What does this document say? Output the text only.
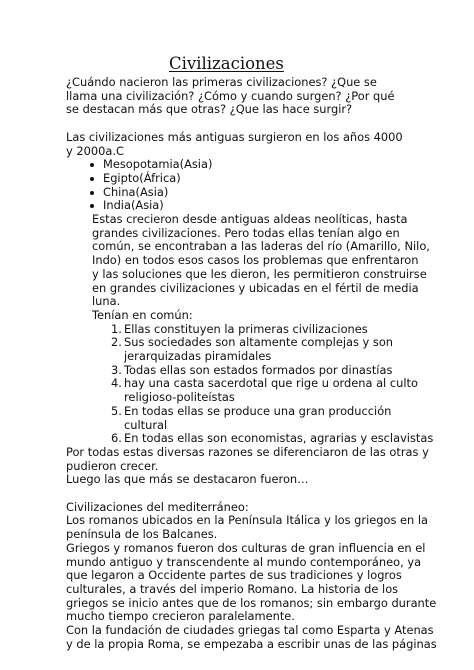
Civilizaciones

¿Cuándo nacieron las primeras civilizaciones? ¿Que se
llama una civilización? ¿Cómo y cuando surgen? ¿Por qué
se destacan más que otras? ¿Que las hace surgir?

Las civilizaciones más antiguas surgieron en los años 4000
y 2000a.C

Mesopotamia(Asia)
Egipto(África)
China(Asia)
India(Asia)

Estas crecieron desde antiguas aldeas neolíticas, hasta
grandes civilizaciones. Pero todas ellas tenían algo en
común, se encontraban a las laderas del río (Amarillo, Nilo,
Indo) en todos esos casos los problemas que enfrentaron
y las soluciones que les dieron, les permitieron construirse
en grandes civilizaciones y ubicadas en el fértil de media
luna.

Tenían en común:

1. Ellas constituyen la primeras civilizaciones
2. Sus sociedades son altamente complejas y son
jerarquizadas piramidales
3. Todas ellas son estados formados por dinastías
4. hay una casta sacerdotal que rige u ordena al culto
religioso-politeístas
5. En todas ellas se produce una gran producción
cultural
6. En todas ellas son economistas, agrarias y esclavistas

Por todas estas diversas razones se diferenciaron de las otras y
pudieron crecer.
Luego las que más se destacaron fueron…

Civilizaciones del mediterráneo:

Los romanos ubicados en la Península Itálica y los griegos en la
península de los Balcanes.
Griegos y romanos fueron dos culturas de gran influencia en el
mundo antiguo y transcendente al mundo contemporáneo, ya
que legaron a Occidente partes de sus tradiciones y logros
culturales, a través del imperio Romano. La historia de los
griegos se inicio antes que de los romanos; sin embargo durante
mucho tiempo crecieron paralelamente.
Con la fundación de ciudades griegas tal como Esparta y Atenas
y de la propia Roma, se empezaba a escribir unas de las páginas
